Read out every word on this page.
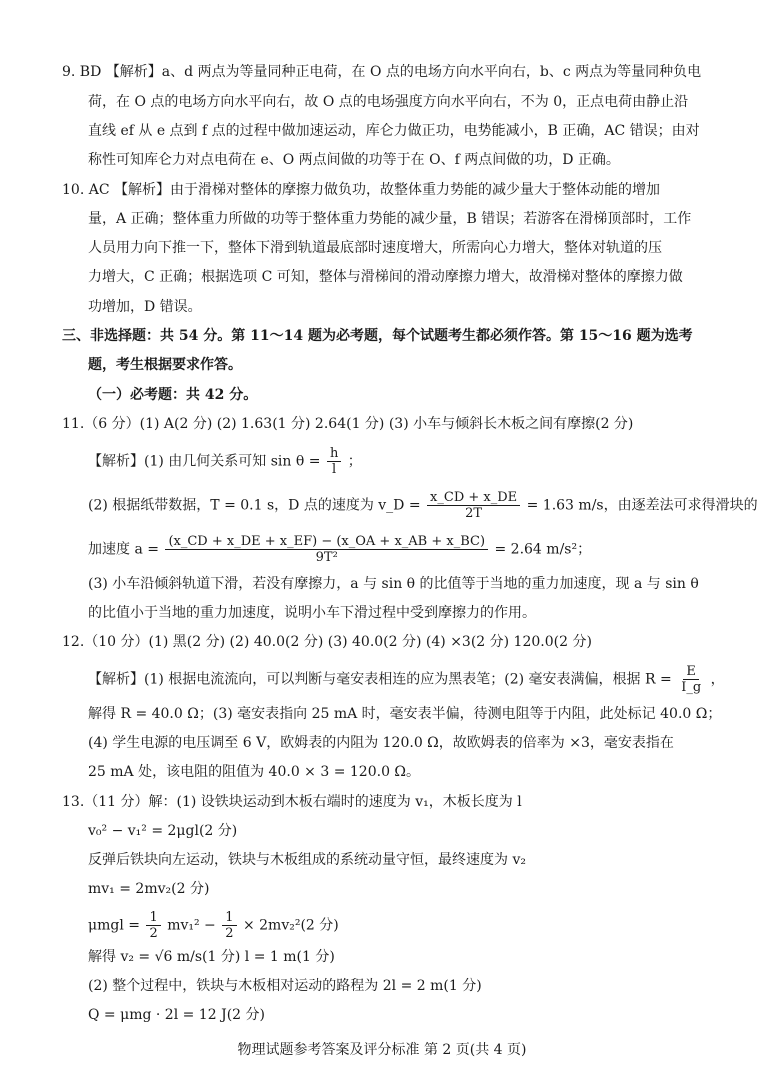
9. BD 【解析】a、d 两点为等量同种正电荷，在 O 点的电场方向水平向右，b、c 两点为等量同种负电
荷，在 O 点的电场方向水平向右，故 O 点的电场强度方向水平向右，不为 0，正点电荷由静止沿
直线 ef 从 e 点到 f 点的过程中做加速运动，库仑力做正功，电势能减小，B 正确，AC 错误；由对
称性可知库仑力对点电荷在 e、O 两点间做的功等于在 O、f 两点间做的功，D 正确。
10. AC 【解析】由于滑梯对整体的摩擦力做负功，故整体重力势能的减少量大于整体动能的增加
量，A 正确；整体重力所做的功等于整体重力势能的减少量，B 错误；若游客在滑梯顶部时，工作
人员用力向下推一下，整体下滑到轨道最底部时速度增大，所需向心力增大，整体对轨道的压
力增大，C 正确；根据选项 C 可知，整体与滑梯间的滑动摩擦力增大，故滑梯对整体的摩擦力做
功增加，D 错误。
三、非选择题：共 54 分。第 11～14 题为必考题，每个试题考生都必须作答。第 15～16 题为选考
题，考生根据要求作答。
（一）必考题：共 42 分。
11.（6 分）(1) A(2 分) (2) 1.63(1 分) 2.64(1 分) (3) 小车与倾斜长木板之间有摩擦(2 分)
【解析】(1) 由几何关系可知 $\sin \theta = \frac{h}{l}$ ；
(2) 根据纸带数据，T = 0.1 s，D 点的速度为 v_D = $\frac{x\_CD + x\_DE}{2T} = 1.63$ m/s，由逐差法可求得滑块的
加速度 $a = \frac{(x\_CD + x\_DE + x\_EF) - (x\_OA + x\_AB + x\_BC)}{\text{9T²}} = 2.64$ m/s²；
(3) 小车沿倾斜轨道下滑，若没有摩擦力，a 与 sin θ 的比值等于当地的重力加速度，现 a 与 sin θ
的比值小于当地的重力加速度，说明小车下滑过程中受到摩擦力的作用。
12.（10 分）(1) 黑(2 分) (2) 40.0(2 分) (3) 40.0(2 分) (4) ×3(2 分) 120.0(2 分)
【解析】(1) 根据电流流向，可以判断与毫安表相连的应为黑表笔；(2) 毫安表满偏，根据 $R = \frac{E}{I\_g}$ ，
解得 R = 40.0 Ω；(3) 毫安表指向 25 mA 时，毫安表半偏，待测电阻等于内阻，此处标记 40.0 Ω；
(4) 学生电源的电压调至 6 V，欧姆表的内阻为 120.0 Ω，故欧姆表的倍率为 ×3，毫安表指在
25 mA 处，该电阻的阻值为 40.0 × 3 = 120.0 Ω。
13.（11 分）解：(1) 设铁块运动到木板右端时的速度为 v₁，木板长度为 l
v₀² − v₁² = 2μgl(2 分)
反弹后铁块向左运动，铁块与木板组成的系统动量守恒，最终速度为 v₂
mv₁ = 2mv₂(2 分)
$\mu mgl = \frac{1}{2} mv_1^2 - \frac{1}{2} \times 2mv_2^2(2$ 分)
解得 v₂ = √6 m/s(1 分) l = 1 m(1 分)
(2) 整个过程中，铁块与木板相对运动的路程为 2l = 2 m(1 分)
Q = μmg · 2l = 12 J(2 分)
物理试题参考答案及评分标准 第 2 页(共 4 页)
